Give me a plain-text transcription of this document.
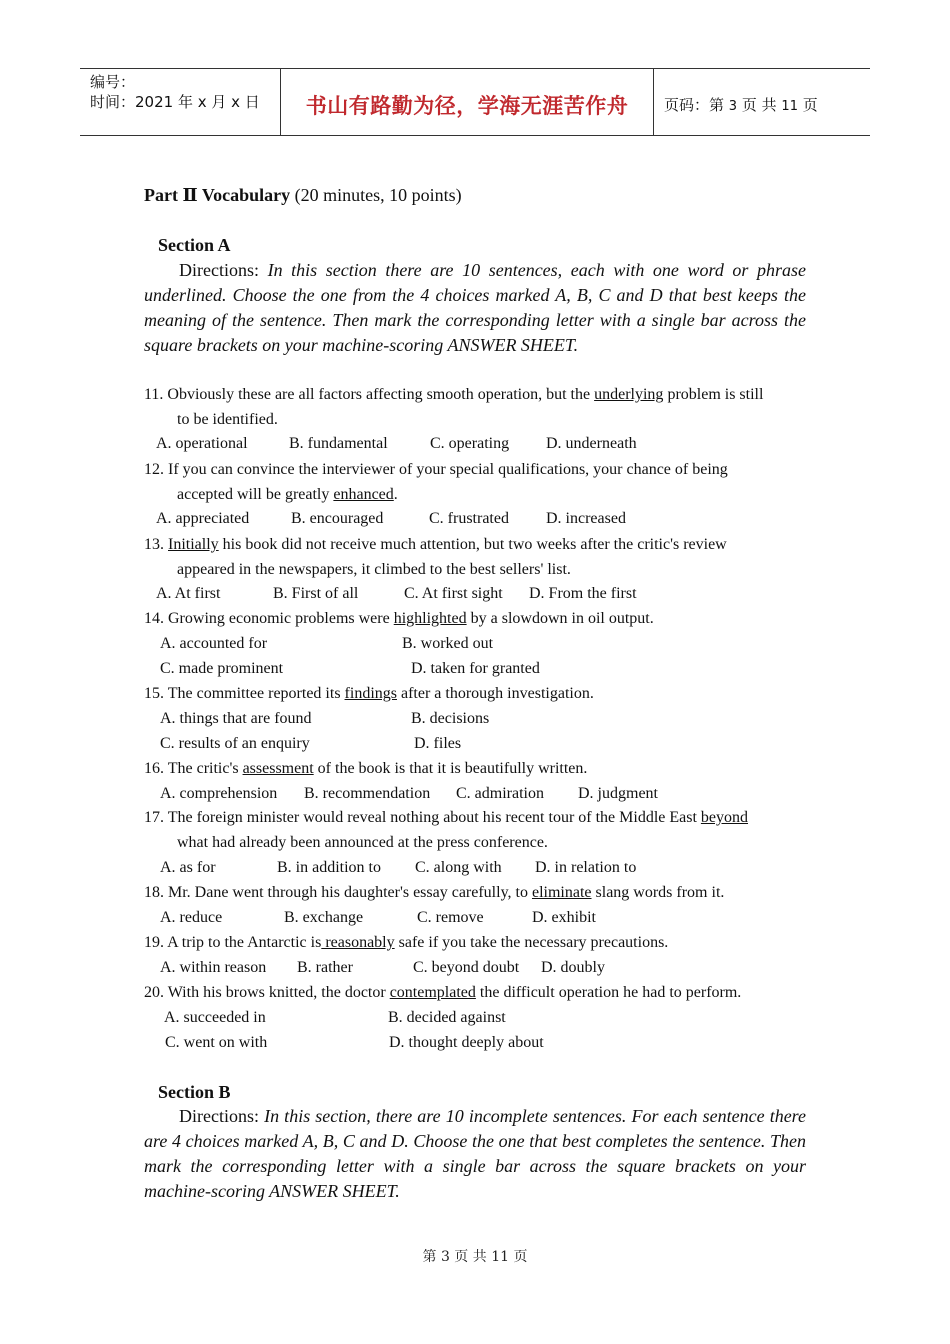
编号：
时间：2021 年 x 月 x 日	书山有路勤为径，学海无涯苦作舟	页码：第 3 页 共 11 页
Part Ⅱ Vocabulary (20 minutes, 10 points)
Section A
Directions: In this section there are 10 sentences, each with one word or phrase underlined. Choose the one from the 4 choices marked A, B, C and D that best keeps the meaning of the sentence. Then mark the corresponding letter with a single bar across the square brackets on your machine-scoring ANSWER SHEET.
11. Obviously these are all factors affecting smooth operation, but the underlying problem is still
to be identified.
A. operational	B. fundamental	C. operating D. underneath
12. If you can convince the interviewer of your special qualifications, your chance of being
accepted will be greatly enhanced.
A. appreciated	B. encouraged	C. frustrated D. increased
13. Initially his book did not receive much attention, but two weeks after the critic's review
appeared in the newspapers, it climbed to the best sellers' list.
A. At first	B. First of all	C. At first sight D. From the first
14. Growing economic problems were highlighted by a slowdown in oil output.
A. accounted for	B. worked out
C. made prominent	D. taken for granted
15. The committee reported its findings after a thorough investigation.
A. things that are found	B. decisions
C. results of an enquiry	D. files
16. The critic's assessment of the book is that it is beautifully written.
A. comprehension B. recommendation C. admiration D. judgment
17. The foreign minister would reveal nothing about his recent tour of the Middle East beyond
what had already been announced at the press conference.
A. as for	B. in addition to C. along with D. in relation to
18. Mr. Dane went through his daughter's essay carefully, to eliminate slang words from it.
A. reduce	B. exchange	C. remove	D. exhibit
19. A trip to the Antarctic is reasonably safe if you take the necessary precautions.
A. within reason B. rather	C. beyond doubt D. doubly
20. With his brows knitted, the doctor contemplated the difficult operation he had to perform.
A. succeeded in	B. decided against
C. went on with	D. thought deeply about
Section B
Directions: In this section, there are 10 incomplete sentences. For each sentence there are 4 choices marked A, B, C and D. Choose the one that best completes the sentence. Then mark the corresponding letter with a single bar across the square brackets on your machine-scoring ANSWER SHEET.
第 3 页 共 11 页
